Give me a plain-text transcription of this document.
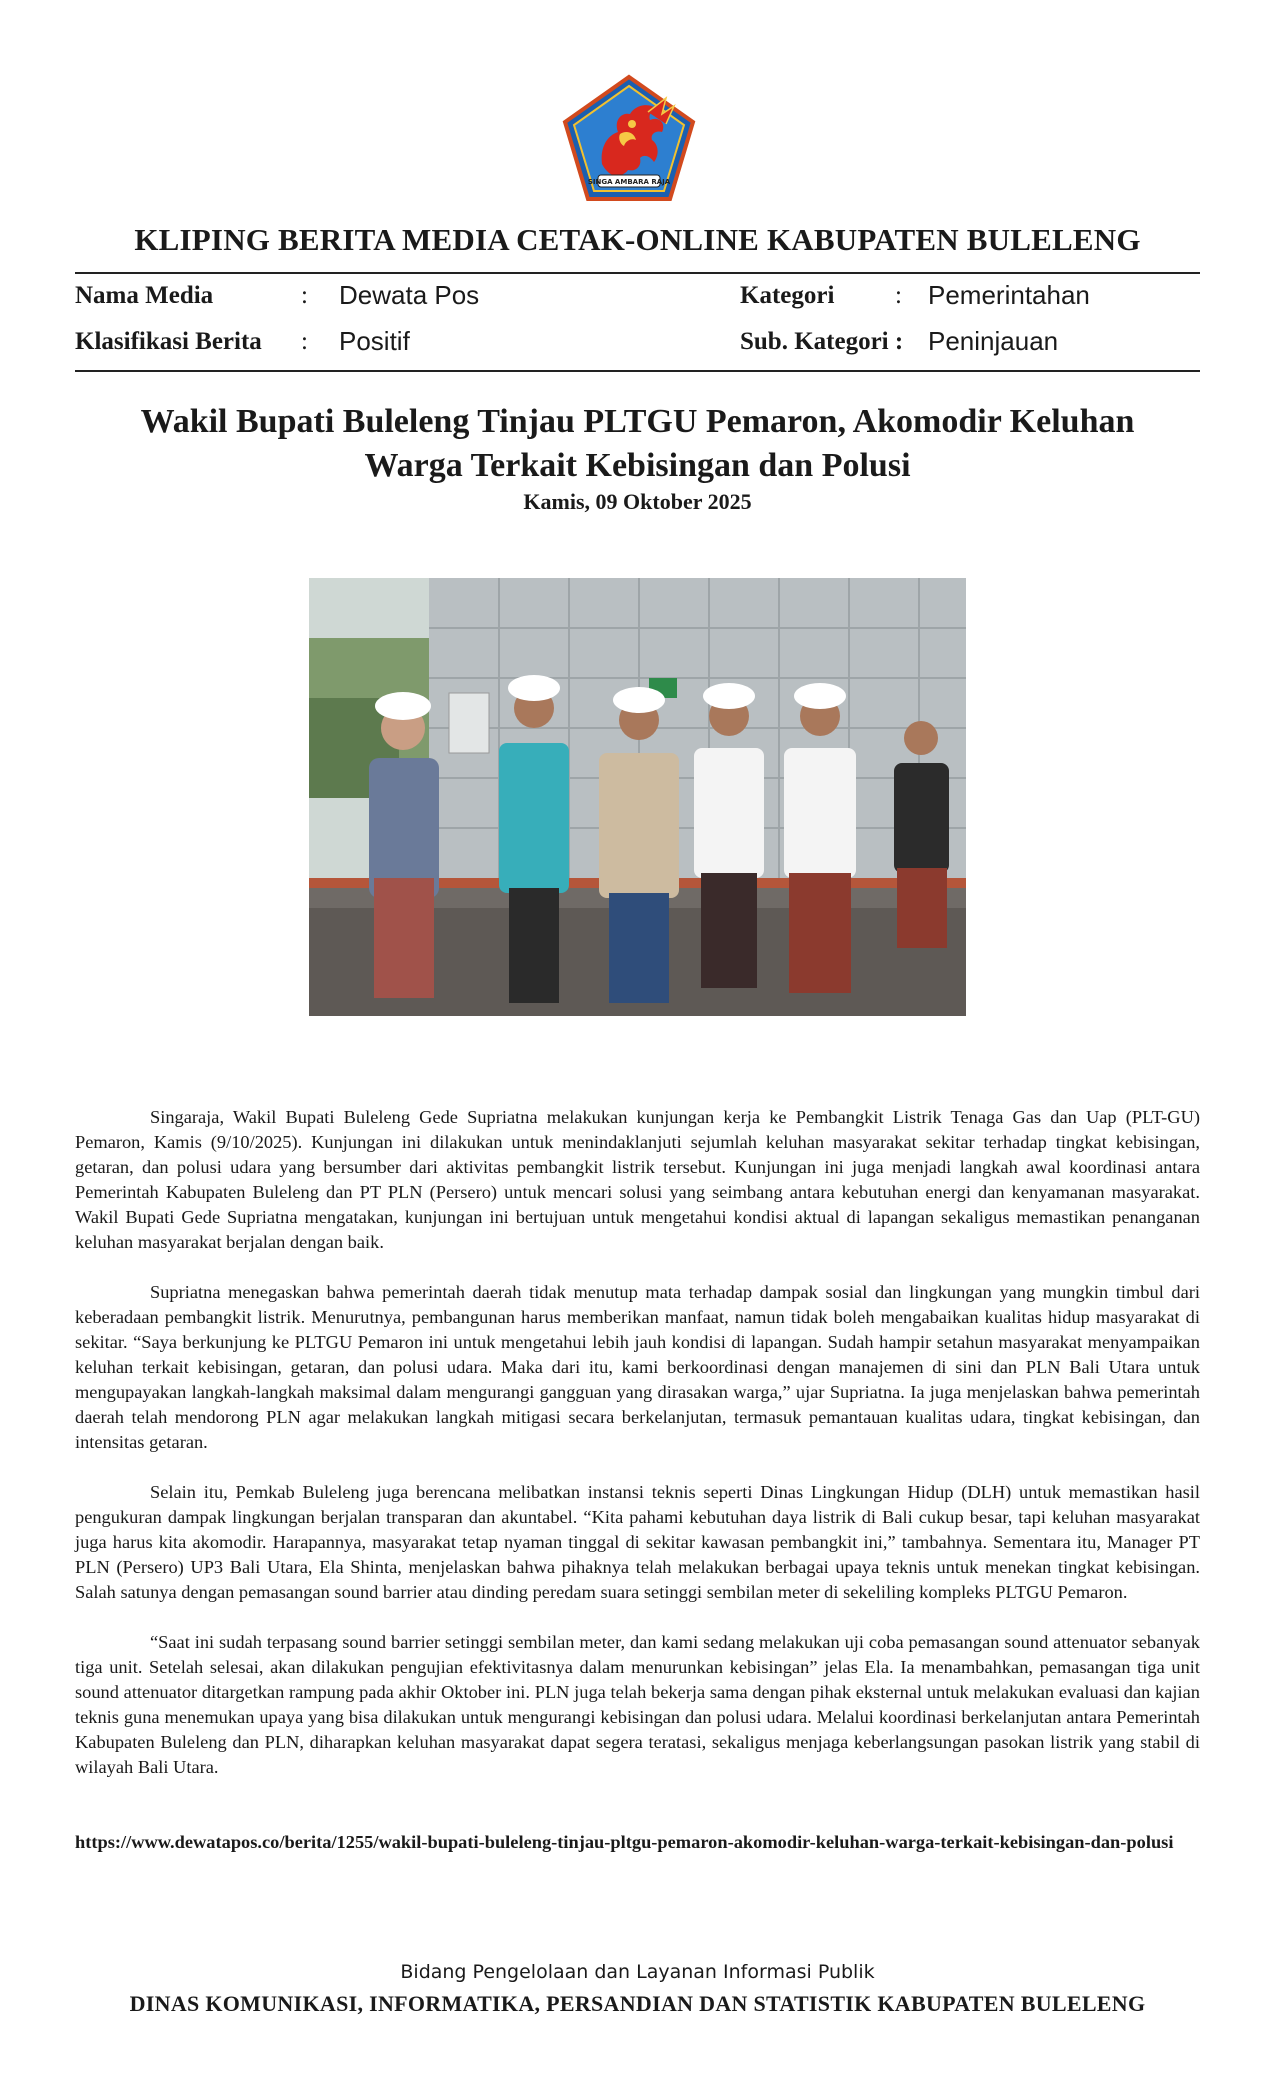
SINGA AMBARA RAJA
KLIPING BERITA MEDIA CETAK-ONLINE KABUPATEN BULELENG
Nama Media	: Dewata Pos
Klasifikasi Berita : Positif
Kategori : Pemerintahan
Sub. Kategori : Peninjauan
Wakil Bupati Buleleng Tinjau PLTGU Pemaron, Akomodir Keluhan
Warga Terkait Kebisingan dan Polusi
Kamis, 09 Oktober 2025

Singaraja, Wakil Bupati Buleleng Gede Supriatna melakukan kunjungan kerja ke Pembangkit Listrik Tenaga Gas dan Uap (PLT-GU) Pemaron, Kamis (9/10/2025). Kunjungan ini dilakukan untuk menindaklanjuti sejumlah keluhan masyarakat sekitar terhadap tingkat kebisingan, getaran, dan polusi udara yang bersumber dari aktivitas pembangkit listrik tersebut. Kunjungan ini juga menjadi langkah awal koordinasi antara Pemerintah Kabupaten Buleleng dan PT PLN (Persero) untuk mencari solusi yang seimbang antara kebutuhan energi dan kenyamanan masyarakat. Wakil Bupati Gede Supriatna mengatakan, kunjungan ini bertujuan untuk mengetahui kondisi aktual di lapangan sekaligus memastikan penanganan keluhan masyarakat berjalan dengan baik.

Supriatna menegaskan bahwa pemerintah daerah tidak menutup mata terhadap dampak sosial dan lingkungan yang mungkin timbul dari keberadaan pembangkit listrik. Menurutnya, pembangunan harus memberikan manfaat, namun tidak boleh mengabaikan kualitas hidup masyarakat di sekitar. “Saya berkunjung ke PLTGU Pemaron ini untuk mengetahui lebih jauh kondisi di lapangan. Sudah hampir setahun masyarakat menyampaikan keluhan terkait kebisingan, getaran, dan polusi udara. Maka dari itu, kami berkoordinasi dengan manajemen di sini dan PLN Bali Utara untuk mengupayakan langkah-langkah maksimal dalam mengurangi gangguan yang dirasakan warga,” ujar Supriatna. Ia juga menjelaskan bahwa pemerintah daerah telah mendorong PLN agar melakukan langkah mitigasi secara berkelanjutan, termasuk pemantauan kualitas udara, tingkat kebisingan, dan intensitas getaran.

Selain itu, Pemkab Buleleng juga berencana melibatkan instansi teknis seperti Dinas Lingkungan Hidup (DLH) untuk memastikan hasil pengukuran dampak lingkungan berjalan transparan dan akuntabel. “Kita pahami kebutuhan daya listrik di Bali cukup besar, tapi keluhan masyarakat juga harus kita akomodir. Harapannya, masyarakat tetap nyaman tinggal di sekitar kawasan pembangkit ini,” tambahnya. Sementara itu, Manager PT PLN (Persero) UP3 Bali Utara, Ela Shinta, menjelaskan bahwa pihaknya telah melakukan berbagai upaya teknis untuk menekan tingkat kebisingan. Salah satunya dengan pemasangan sound barrier atau dinding peredam suara setinggi sembilan meter di sekeliling kompleks PLTGU Pemaron.

“Saat ini sudah terpasang sound barrier setinggi sembilan meter, dan kami sedang melakukan uji coba pemasangan sound attenuator sebanyak tiga unit. Setelah selesai, akan dilakukan pengujian efektivitasnya dalam menurunkan kebisingan” jelas Ela. Ia menambahkan, pemasangan tiga unit sound attenuator ditargetkan rampung pada akhir Oktober ini. PLN juga telah bekerja sama dengan pihak eksternal untuk melakukan evaluasi dan kajian teknis guna menemukan upaya yang bisa dilakukan untuk mengurangi kebisingan dan polusi udara. Melalui koordinasi berkelanjutan antara Pemerintah Kabupaten Buleleng dan PLN, diharapkan keluhan masyarakat dapat segera teratasi, sekaligus menjaga keberlangsungan pasokan listrik yang stabil di wilayah Bali Utara.

https://www.dewatapos.co/berita/1255/wakil-bupati-buleleng-tinjau-pltgu-pemaron-akomodir-keluhan-warga-terkait-kebisingan-dan-polusi
Bidang Pengelolaan dan Layanan Informasi Publik
DINAS KOMUNIKASI, INFORMATIKA, PERSANDIAN DAN STATISTIK KABUPATEN BULELENG
